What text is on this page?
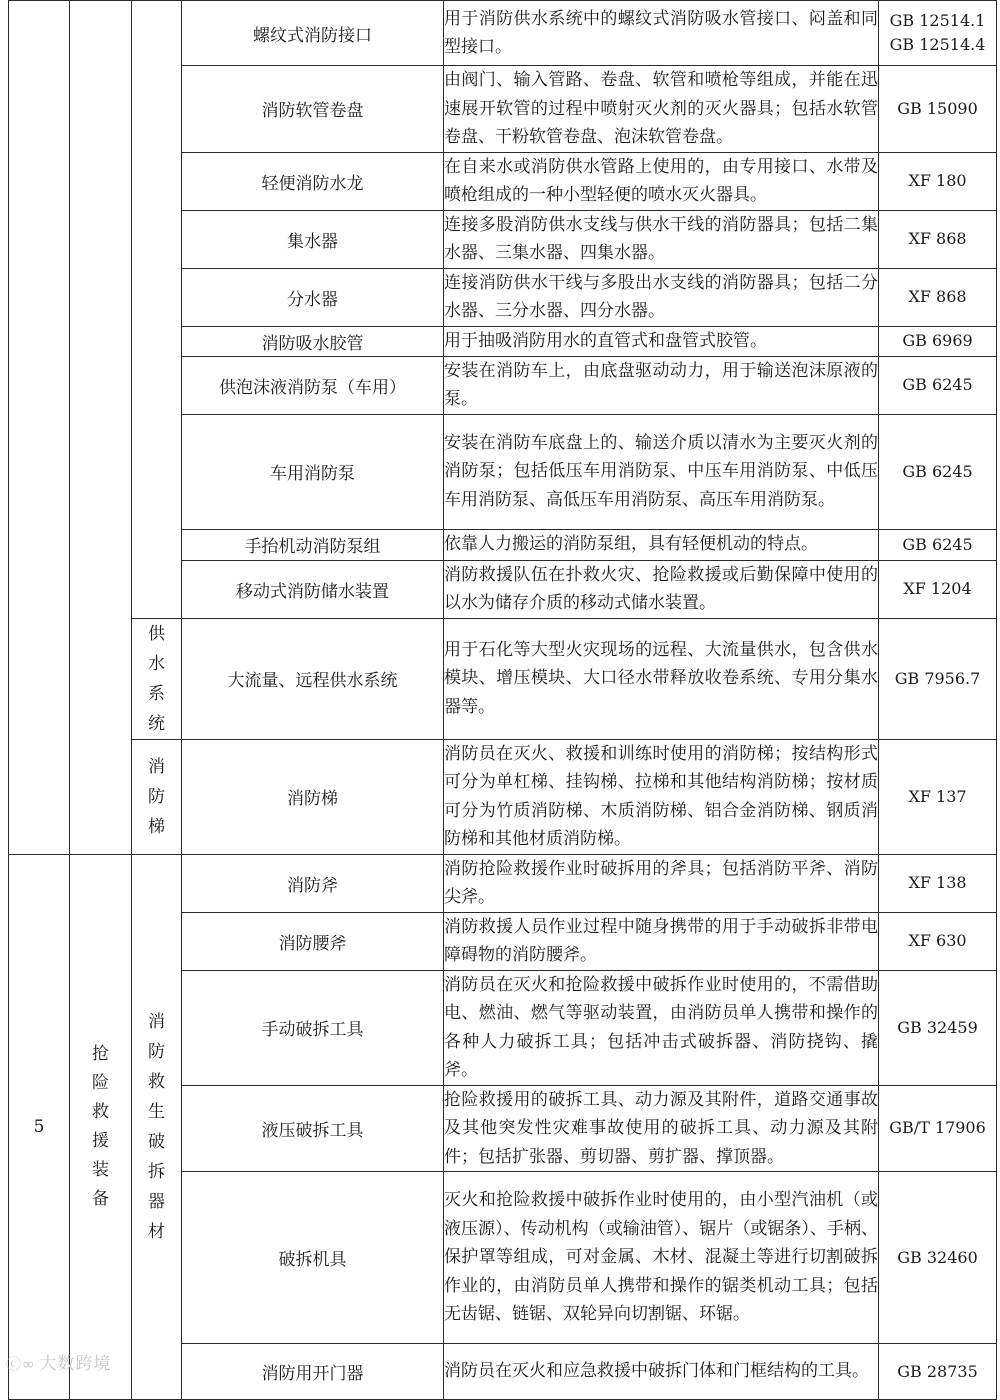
			螺纹式消防接口	用于消防供水系统中的螺纹式消防吸水管接口、闷盖和同型接口。	GB 12514.1
GB 12514.4
			消防软管卷盘	由阀门、输入管路、卷盘、软管和喷枪等组成，并能在迅速展开软管的过程中喷射灭火剂的灭火器具；包括水软管卷盘、干粉软管卷盘、泡沫软管卷盘。	GB 15090
			轻便消防水龙	在自来水或消防供水管路上使用的，由专用接口、水带及喷枪组成的一种小型轻便的喷水灭火器具。	XF 180
			集水器	连接多股消防供水支线与供水干线的消防器具；包括二集水器、三集水器、四集水器。	XF 868
			分水器	连接消防供水干线与多股出水支线的消防器具；包括二分水器、三分水器、四分水器。	XF 868
			消防吸水胶管	用于抽吸消防用水的直管式和盘管式胶管。	GB 6969
			供泡沫液消防泵（车用）	安装在消防车上，由底盘驱动动力，用于输送泡沫原液的泵。	GB 6245
			车用消防泵	安装在消防车底盘上的、输送介质以清水为主要灭火剂的消防泵；包括低压车用消防泵、中压车用消防泵、中低压车用消防泵、高低压车用消防泵、高压车用消防泵。	GB 6245
			手抬机动消防泵组	依靠人力搬运的消防泵组，具有轻便机动的特点。	GB 6245
			移动式消防储水装置	消防救援队伍在扑救火灾、抢险救援或后勤保障中使用的以水为储存介质的移动式储水装置。	XF 1204
		供水系统	大流量、远程供水系统	用于石化等大型火灾现场的远程、大流量供水，包含供水模块、增压模块、大口径水带释放收卷系统、专用分集水器等。	GB 7956.7
		消防梯	消防梯	消防员在灭火、救援和训练时使用的消防梯；按结构形式可分为单杠梯、挂钩梯、拉梯和其他结构消防梯；按材质可分为竹质消防梯、木质消防梯、铝合金消防梯、钢质消防梯和其他材质消防梯。	XF 137
5	抢险救援装备	消防救生破拆器材	消防斧	消防抢险救援作业时破拆用的斧具；包括消防平斧、消防尖斧。	XF 138
			消防腰斧	消防救援人员作业过程中随身携带的用于手动破拆非带电障碍物的消防腰斧。	XF 630
			手动破拆工具	消防员在灭火和抢险救援中破拆作业时使用的，不需借助电、燃油、燃气等驱动装置，由消防员单人携带和操作的各种人力破拆工具；包括冲击式破拆器、消防挠钩、撬斧。	GB 32459
			液压破拆工具	抢险救援用的破拆工具、动力源及其附件，道路交通事故及其他突发性灾难事故使用的破拆工具、动力源及其附件；包括扩张器、剪切器、剪扩器、撑顶器。	GB/T 17906
			破拆机具	灭火和抢险救援中破拆作业时使用的，由小型汽油机（或液压源）、传动机构（或输油管）、锯片（或锯条）、手柄、保护罩等组成，可对金属、木材、混凝土等进行切割破拆作业的，由消防员单人携带和操作的锯类机动工具；包括无齿锯、链锯、双轮异向切割锯、环锯。	GB 32460
			消防用开门器	消防员在灭火和应急救援中破拆门体和门框结构的工具。	GB 28735
ⓒ∞ 大数跨境
